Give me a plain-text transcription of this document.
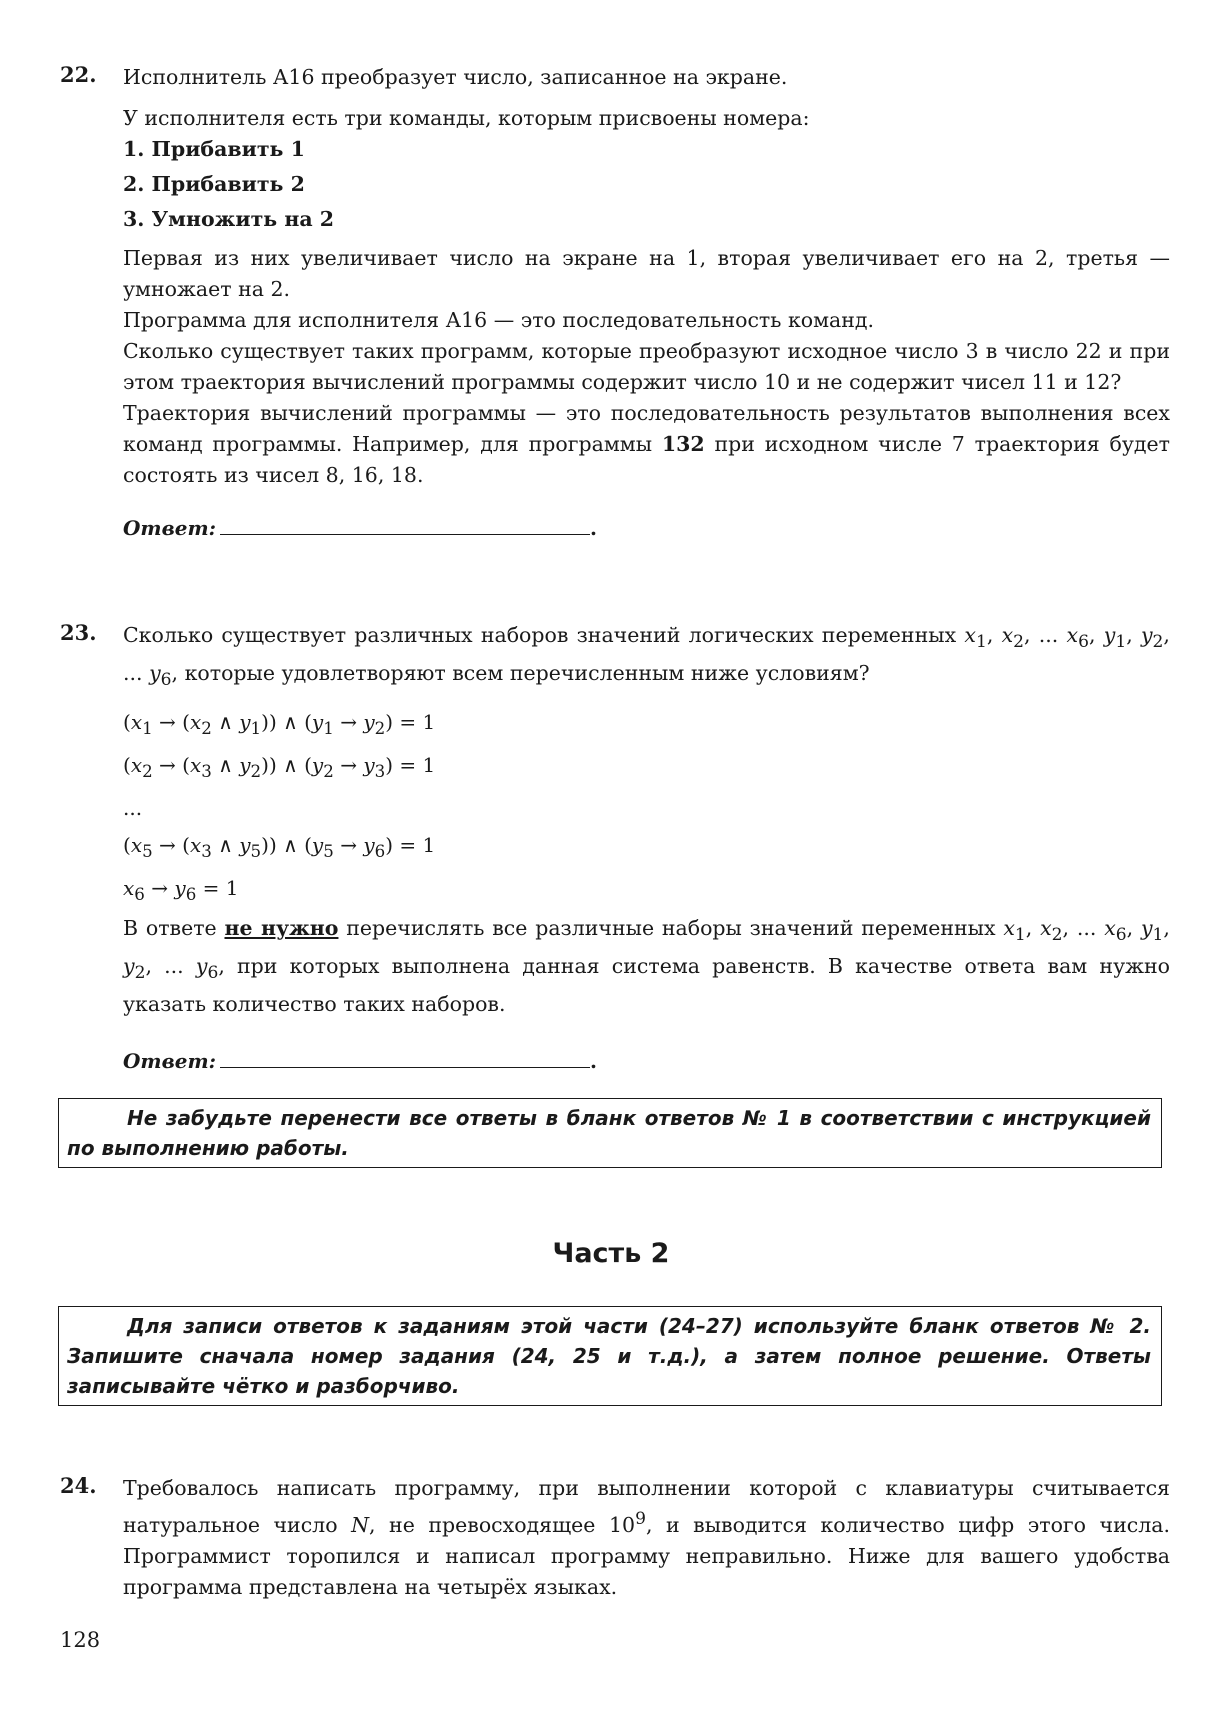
22. Исполнитель А16 преобразует число, записанное на экране.

У исполнителя есть три команды, которым присвоены номера:

1. Прибавить 1

2. Прибавить 2

3. Умножить на 2

Первая из них увеличивает число на экране на 1, вторая увеличивает его на 2, третья — умножает на 2.

Программа для исполнителя А16 — это последовательность команд.

Сколько существует таких программ, которые преобразуют исходное число 3 в число 22 и при этом траектория вычислений программы содержит число 10 и не содержит чисел 11 и 12?

Траектория вычислений программы — это последовательность результатов выполнения всех команд программы. Например, для программы 132 при исходном числе 7 траектория будет состоять из чисел 8, 16, 18.

Ответ:	.
23. Сколько существует различных наборов значений логических переменных $x_1$, $x_2$, ... $x_6$, $y_1$, $y_2$, ... $y_6$, которые удовлетворяют всем перечисленным ниже условиям?

($x_1 \to (x_2$ ∧ $y_1$)) ∧ $(y_1 \to y_2) = 1$
($x_2 \to (x_3$ ∧ $y_2$)) ∧ $(y_2 \to y_3) = 1$
...
($x_5 \to (x_3$ ∧ $y_5$)) ∧ $(y_5 \to y_6) = 1$
$x_6 \to y_6 = 1$

В ответе не нужно перечислять все различные наборы значений переменных $x_1$, $x_2$, ... $x_6$, $y_1$, $y_2$, ... $y_6$, при которых выполнена данная система равенств. В качестве ответа вам нужно указать количество таких наборов.

Ответ:	.
Не забудьте перенести все ответы в бланк ответов № 1 в соответствии с инструкцией по выполнению работы.
Часть 2
Для записи ответов к заданиям этой части (24–27) используйте бланк ответов № 2. Запишите сначала номер задания (24, 25 и т.д.), а затем полное решение. Ответы записывайте чётко и разборчиво.
24. Требовалось написать программу, при выполнении которой с клавиатуры считывается натуральное число N, не превосходящее $10^9$, и выводится количество цифр этого числа. Программист торопился и написал программу неправильно. Ниже для вашего удобства программа представлена на четырёх языках.

128
